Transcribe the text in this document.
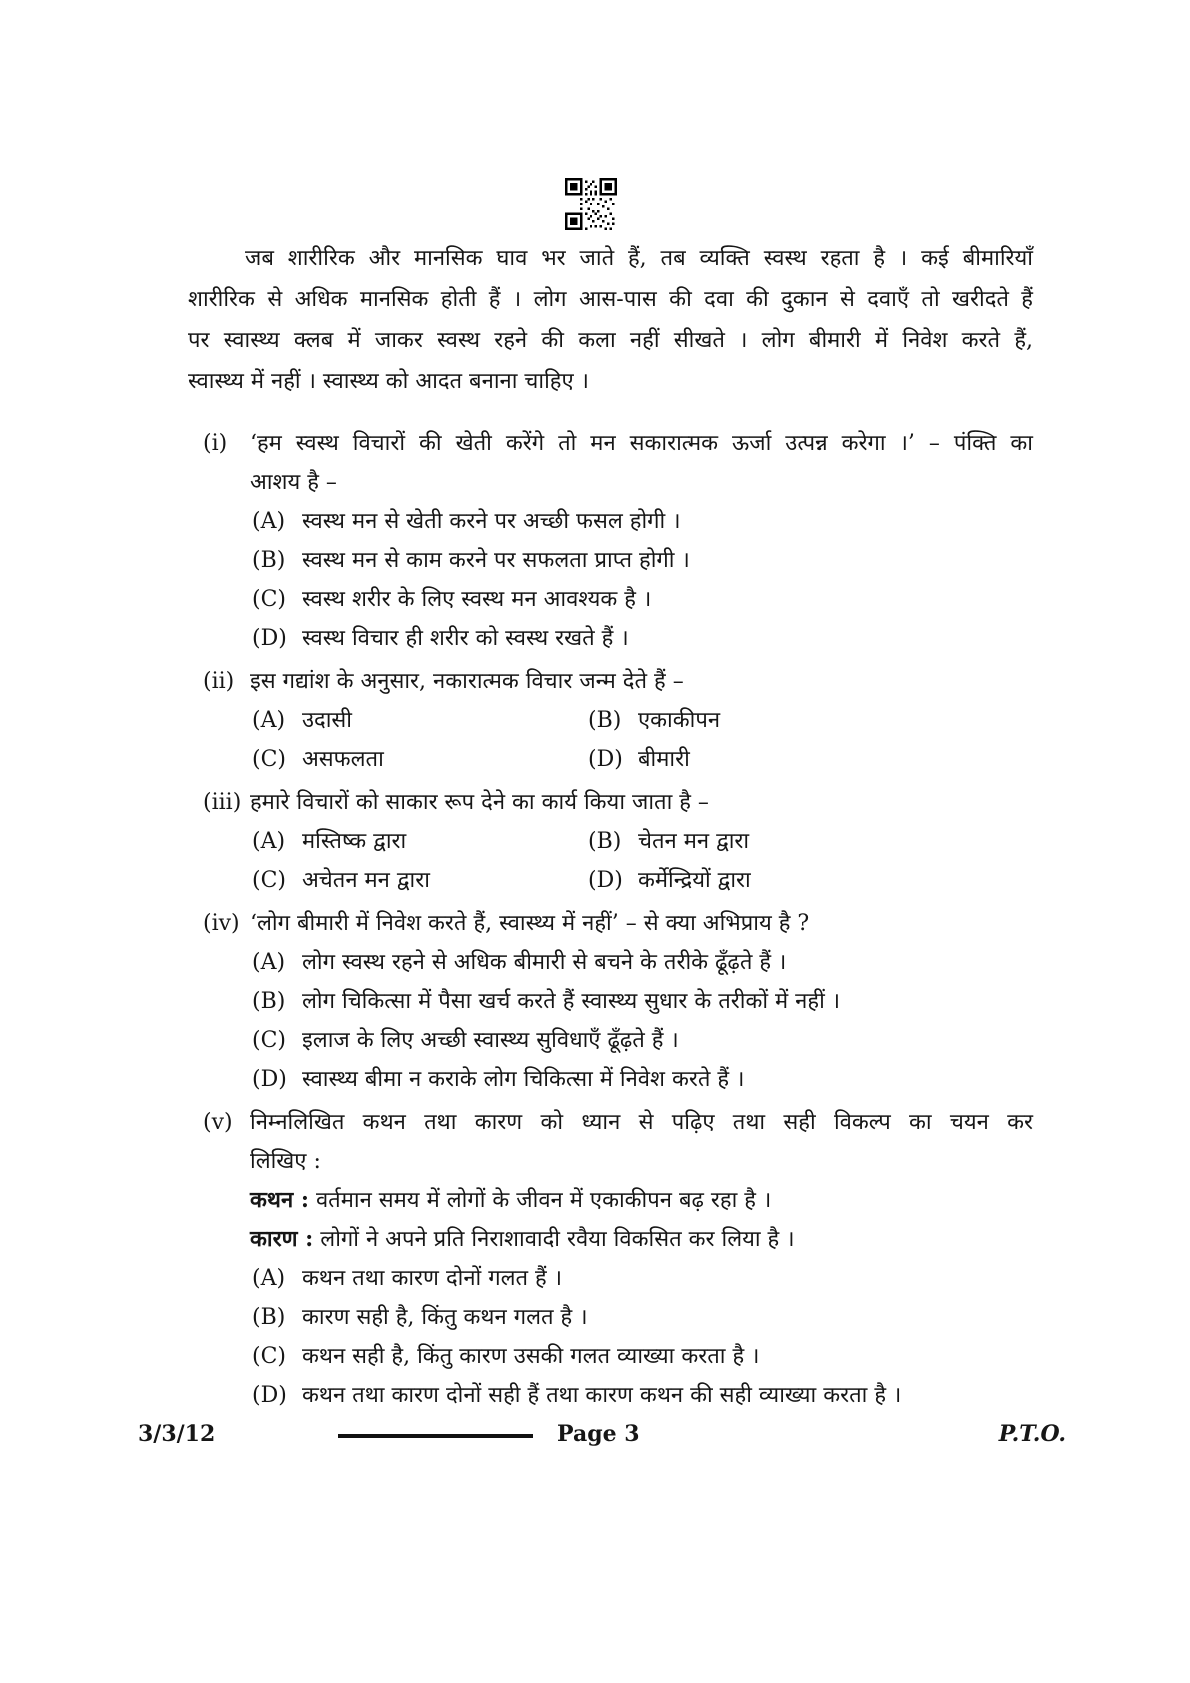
जब शारीरिक और मानसिक घाव भर जाते हैं, तब व्यक्ति स्वस्थ रहता है । कई बीमारियाँ
शारीरिक से अधिक मानसिक होती हैं । लोग आस-पास की दवा की दुकान से दवाएँ तो खरीदते हैं
पर स्वास्थ्य क्लब में जाकर स्वस्थ रहने की कला नहीं सीखते । लोग बीमारी में निवेश करते हैं,
स्वास्थ्य में नहीं । स्वास्थ्य को आदत बनाना चाहिए ।
(i)	‘हम स्वस्थ विचारों की खेती करेंगे तो मन सकारात्मक ऊर्जा उत्पन्न करेगा ।’ – पंक्ति का
आशय है –
(A) स्वस्थ मन से खेती करने पर अच्छी फसल होगी ।
(B) स्वस्थ मन से काम करने पर सफलता प्राप्त होगी ।
(C) स्वस्थ शरीर के लिए स्वस्थ मन आवश्यक है ।
(D) स्वस्थ विचार ही शरीर को स्वस्थ रखते हैं ।
(ii) इस गद्यांश के अनुसार, नकारात्मक विचार जन्म देते हैं –
(A) उदासी	(B) एकाकीपन
(C) असफलता	(D) बीमारी
(iii) हमारे विचारों को साकार रूप देने का कार्य किया जाता है –
(A) मस्तिष्क द्वारा	(B) चेतन मन द्वारा
(C) अचेतन मन द्वारा	(D) कर्मेन्द्रियों द्वारा
(iv) ‘लोग बीमारी में निवेश करते हैं, स्वास्थ्य में नहीं’ – से क्या अभिप्राय है ?
(A) लोग स्वस्थ रहने से अधिक बीमारी से बचने के तरीके ढूँढ़ते हैं ।
(B) लोग चिकित्सा में पैसा खर्च करते हैं स्वास्थ्य सुधार के तरीकों में नहीं ।
(C) इलाज के लिए अच्छी स्वास्थ्य सुविधाएँ ढूँढ़ते हैं ।
(D) स्वास्थ्य बीमा न कराके लोग चिकित्सा में निवेश करते हैं ।
(v) निम्नलिखित कथन तथा कारण को ध्यान से पढ़िए तथा सही विकल्प का चयन कर
लिखिए :
कथन : वर्तमान समय में लोगों के जीवन में एकाकीपन बढ़ रहा है ।
कारण : लोगों ने अपने प्रति निराशावादी रवैया विकसित कर लिया है ।
(A) कथन तथा कारण दोनों गलत हैं ।
(B) कारण सही है, किंतु कथन गलत है ।
(C) कथन सही है, किंतु कारण उसकी गलत व्याख्या करता है ।
(D) कथन तथा कारण दोनों सही हैं तथा कारण कथन की सही व्याख्या करता है ।
3/3/12	Page 3	P.T.O.
